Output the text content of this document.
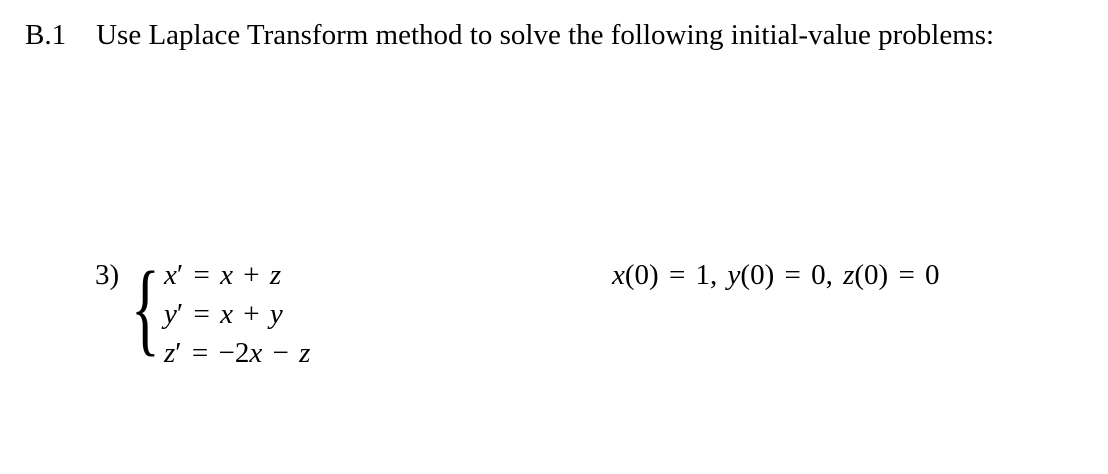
B.1 Use Laplace Transform method to solve the following initial-value problems:
3) { x′ = x + z
y′ = x + y
z′ = −2x − z
x(0) = 1, y(0) = 0, z(0) = 0
